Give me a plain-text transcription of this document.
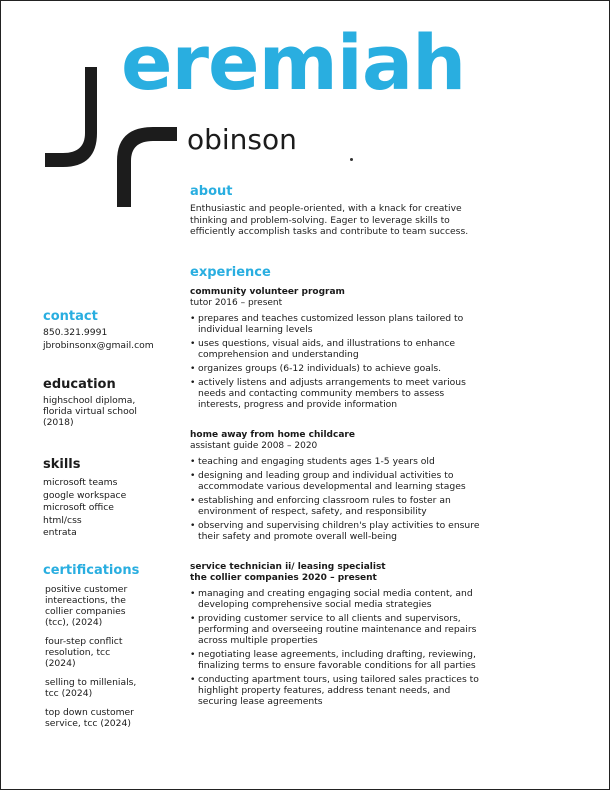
eremiah
obinson
about
Enthusiastic and people-oriented, with a knack for creative thinking and problem-solving. Eager to leverage skills to efficiently accomplish tasks and contribute to team success.
experience
community volunteer program
tutor 2016 – present
• prepares and teaches customized lesson plans tailored to individual learning levels
• uses questions, visual aids, and illustrations to enhance comprehension and understanding
• organizes groups (6-12 individuals) to achieve goals.
• actively listens and adjusts arrangements to meet various needs and contacting community members to assess interests, progress and provide information
home away from home childcare
assistant guide 2008 – 2020
• teaching and engaging students ages 1-5 years old
• designing and leading group and individual activities to accommodate various developmental and learning stages
• establishing and enforcing classroom rules to foster an environment of respect, safety, and responsibility
• observing and supervising children's play activities to ensure their safety and promote overall well-being
service technician ii/ leasing specialist
the collier companies 2020 – present
• managing and creating engaging social media content, and developing comprehensive social media strategies
• providing customer service to all clients and supervisors, performing and overseeing routine maintenance and repairs across multiple properties
• negotiating lease agreements, including drafting, reviewing, finalizing terms to ensure favorable conditions for all parties
• conducting apartment tours, using tailored sales practices to highlight property features, address tenant needs, and securing lease agreements
contact
850.321.9991
jbrobinsonx@gmail.com
education
highschool diploma,
florida virtual school
(2018)
skills
microsoft teams
google workspace
microsoft office
html/css
entrata
certifications
positive customer intereactions, the collier companies (tcc), (2024)
four-step conflict resolution, tcc (2024)
selling to millenials, tcc (2024)
top down customer service, tcc (2024)
